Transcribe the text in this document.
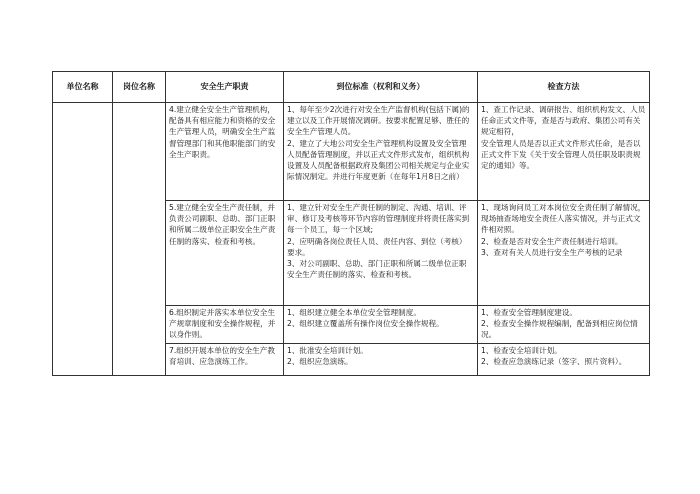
单位名称	岗位名称	安全生产职责	到位标准（权利和义务）	检查方法
		4.建立健全安全生产管理机构，配备具有相应能力和资格的安全生产管理人员，明确安全生产监督管理部门和其他职能部门的安全生产职责。	1、每年至少2次进行对安全生产监督机构(包括下属)的建立以及工作开展情况调研。按要求配置足够、胜任的安全生产管理人员。
2、建立了大地公司安全生产管理机构设置及安全管理人员配备管理制度，并以正式文件形式发布，组织机构设置及人员配备根据政府及集团公司相关规定与企业实际情况制定。并进行年度更新（在每年1月8日之前）	1、查工作记录、调研报告、组织机构发文、人员任命正式文件等，查是否与政府、集团公司有关规定相符，
安全管理人员是否以正式文件形式任命，是否以正式文件下发《关于安全管理人员任职及职责规定的通知》等。

		5.建立健全安全生产责任制，并负责公司副职、总助、部门正职和所属二级单位正职安全生产责任制的落实、检查和考核。	1、建立针对安全生产责任制的制定、沟通、培训、评审、修订及考核等环节内容的管理制度并将责任落实到每一个员工，每一个区域;
2、应明确各岗位责任人员、责任内容、到位（考核）要求。
3、对公司副职、总助、部门正职和所属二级单位正职安全生产责任制的落实、检查和考核。	1、现场询问员工对本岗位安全责任制了解情况，现场抽查场地安全责任人落实情况，并与正式文件相对照。
2、检查是否对安全生产责任制进行培训。
3、查对有关人员进行安全生产考核的记录

		6.组织制定并落实本单位安全生产规章制度和安全操作规程，并以身作则。	1、组织建立健全本单位安全管理制度。
2、组织建立覆盖所有操作岗位安全操作规程。	1、检查安全管理制度建设。
2、检查安全操作规程编制，配备到相应岗位情况。

		7.组织开展本单位的安全生产教育培训、应急演练工作。	1、批准安全培训计划。
2、组织应急演练。	1、检查安全培训计划。
2、检查应急演练记录（签字、照片资料）。
